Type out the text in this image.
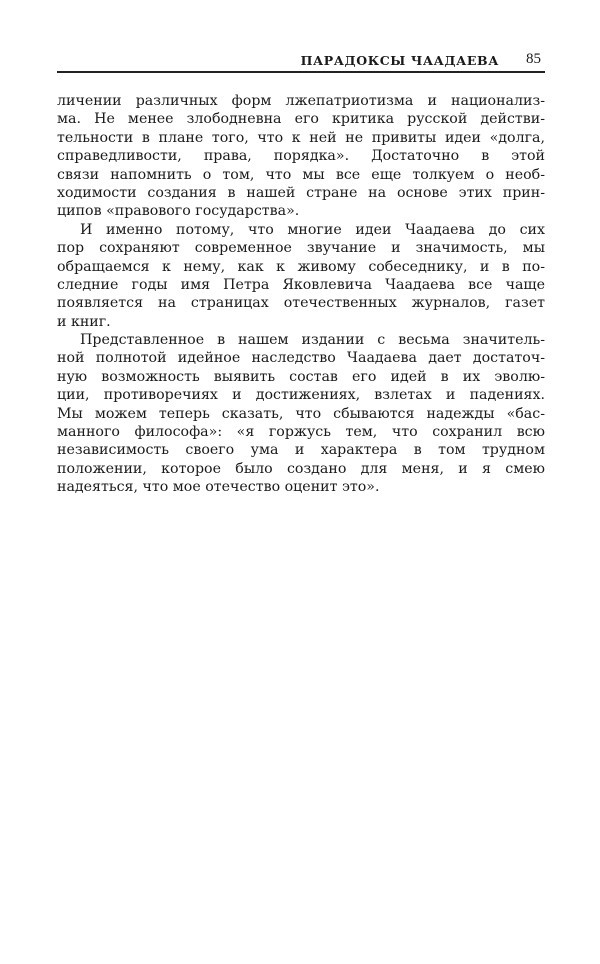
ПАРАДОКСЫ ЧААДАЕВА 85
личении различных форм лжепатриотизма и национализ-
ма. Не менее злободневна его критика русской действи-
тельности в плане того, что к ней не привиты идеи «долга,
справедливости, права, порядка». Достаточно в этой
связи напомнить о том, что мы все еще толкуем о необ-
ходимости создания в нашей стране на основе этих прин-
ципов «правового государства».
И именно потому, что многие идеи Чаадаева до сих
пор сохраняют современное звучание и значимость, мы
обращаемся к нему, как к живому собеседнику, и в по-
следние годы имя Петра Яковлевича Чаадаева все чаще
появляется на страницах отечественных журналов, газет
и книг.
Представленное в нашем издании с весьма значитель-
ной полнотой идейное наследство Чаадаева дает достаточ-
ную возможность выявить состав его идей в их эволю-
ции, противоречиях и достижениях, взлетах и падениях.
Мы можем теперь сказать, что сбываются надежды «бас-
манного философа»: «я горжусь тем, что сохранил всю
независимость своего ума и характера в том трудном
положении, которое было создано для меня, и я смею
надеяться, что мое отечество оценит это».
